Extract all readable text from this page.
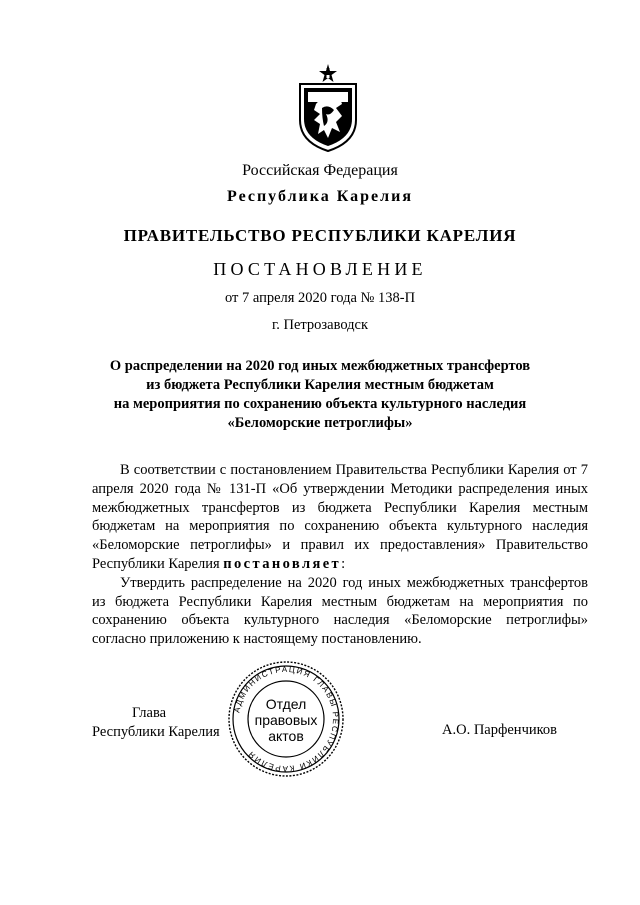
Российская Федерация
Республика Карелия
ПРАВИТЕЛЬСТВО РЕСПУБЛИКИ КАРЕЛИЯ
ПОСТАНОВЛЕНИЕ
от 7 апреля 2020 года № 138-П
г. Петрозаводск
О распределении на 2020 год иных межбюджетных трансфертов
из бюджета Республики Карелия местным бюджетам
на мероприятия по сохранению объекта культурного наследия
«Беломорские петроглифы»

В соответствии с постановлением Правительства Республики Карелия от 7 апреля 2020 года № 131-П «Об утверждении Методики распределения иных межбюджетных трансфертов из бюджета Республики Карелия местным бюджетам на мероприятия по сохранению объекта культурного наследия «Беломорские петроглифы» и правил их предоставления» Правительство Республики Карелия постановляет:

Утвердить распределение на 2020 год иных межбюджетных трансфертов из бюджета Республики Карелия местным бюджетам на мероприятия по сохранению объекта культурного наследия «Беломорские петроглифы» согласно приложению к настоящему постановлению.

Глава
Республики Карелия
АДМИНИСТРАЦИЯ ГЛАВЫ РЕСПУБЛИКИ КАРЕЛИЯ
Отдел
правовых
актов	А.О. Парфенчиков
